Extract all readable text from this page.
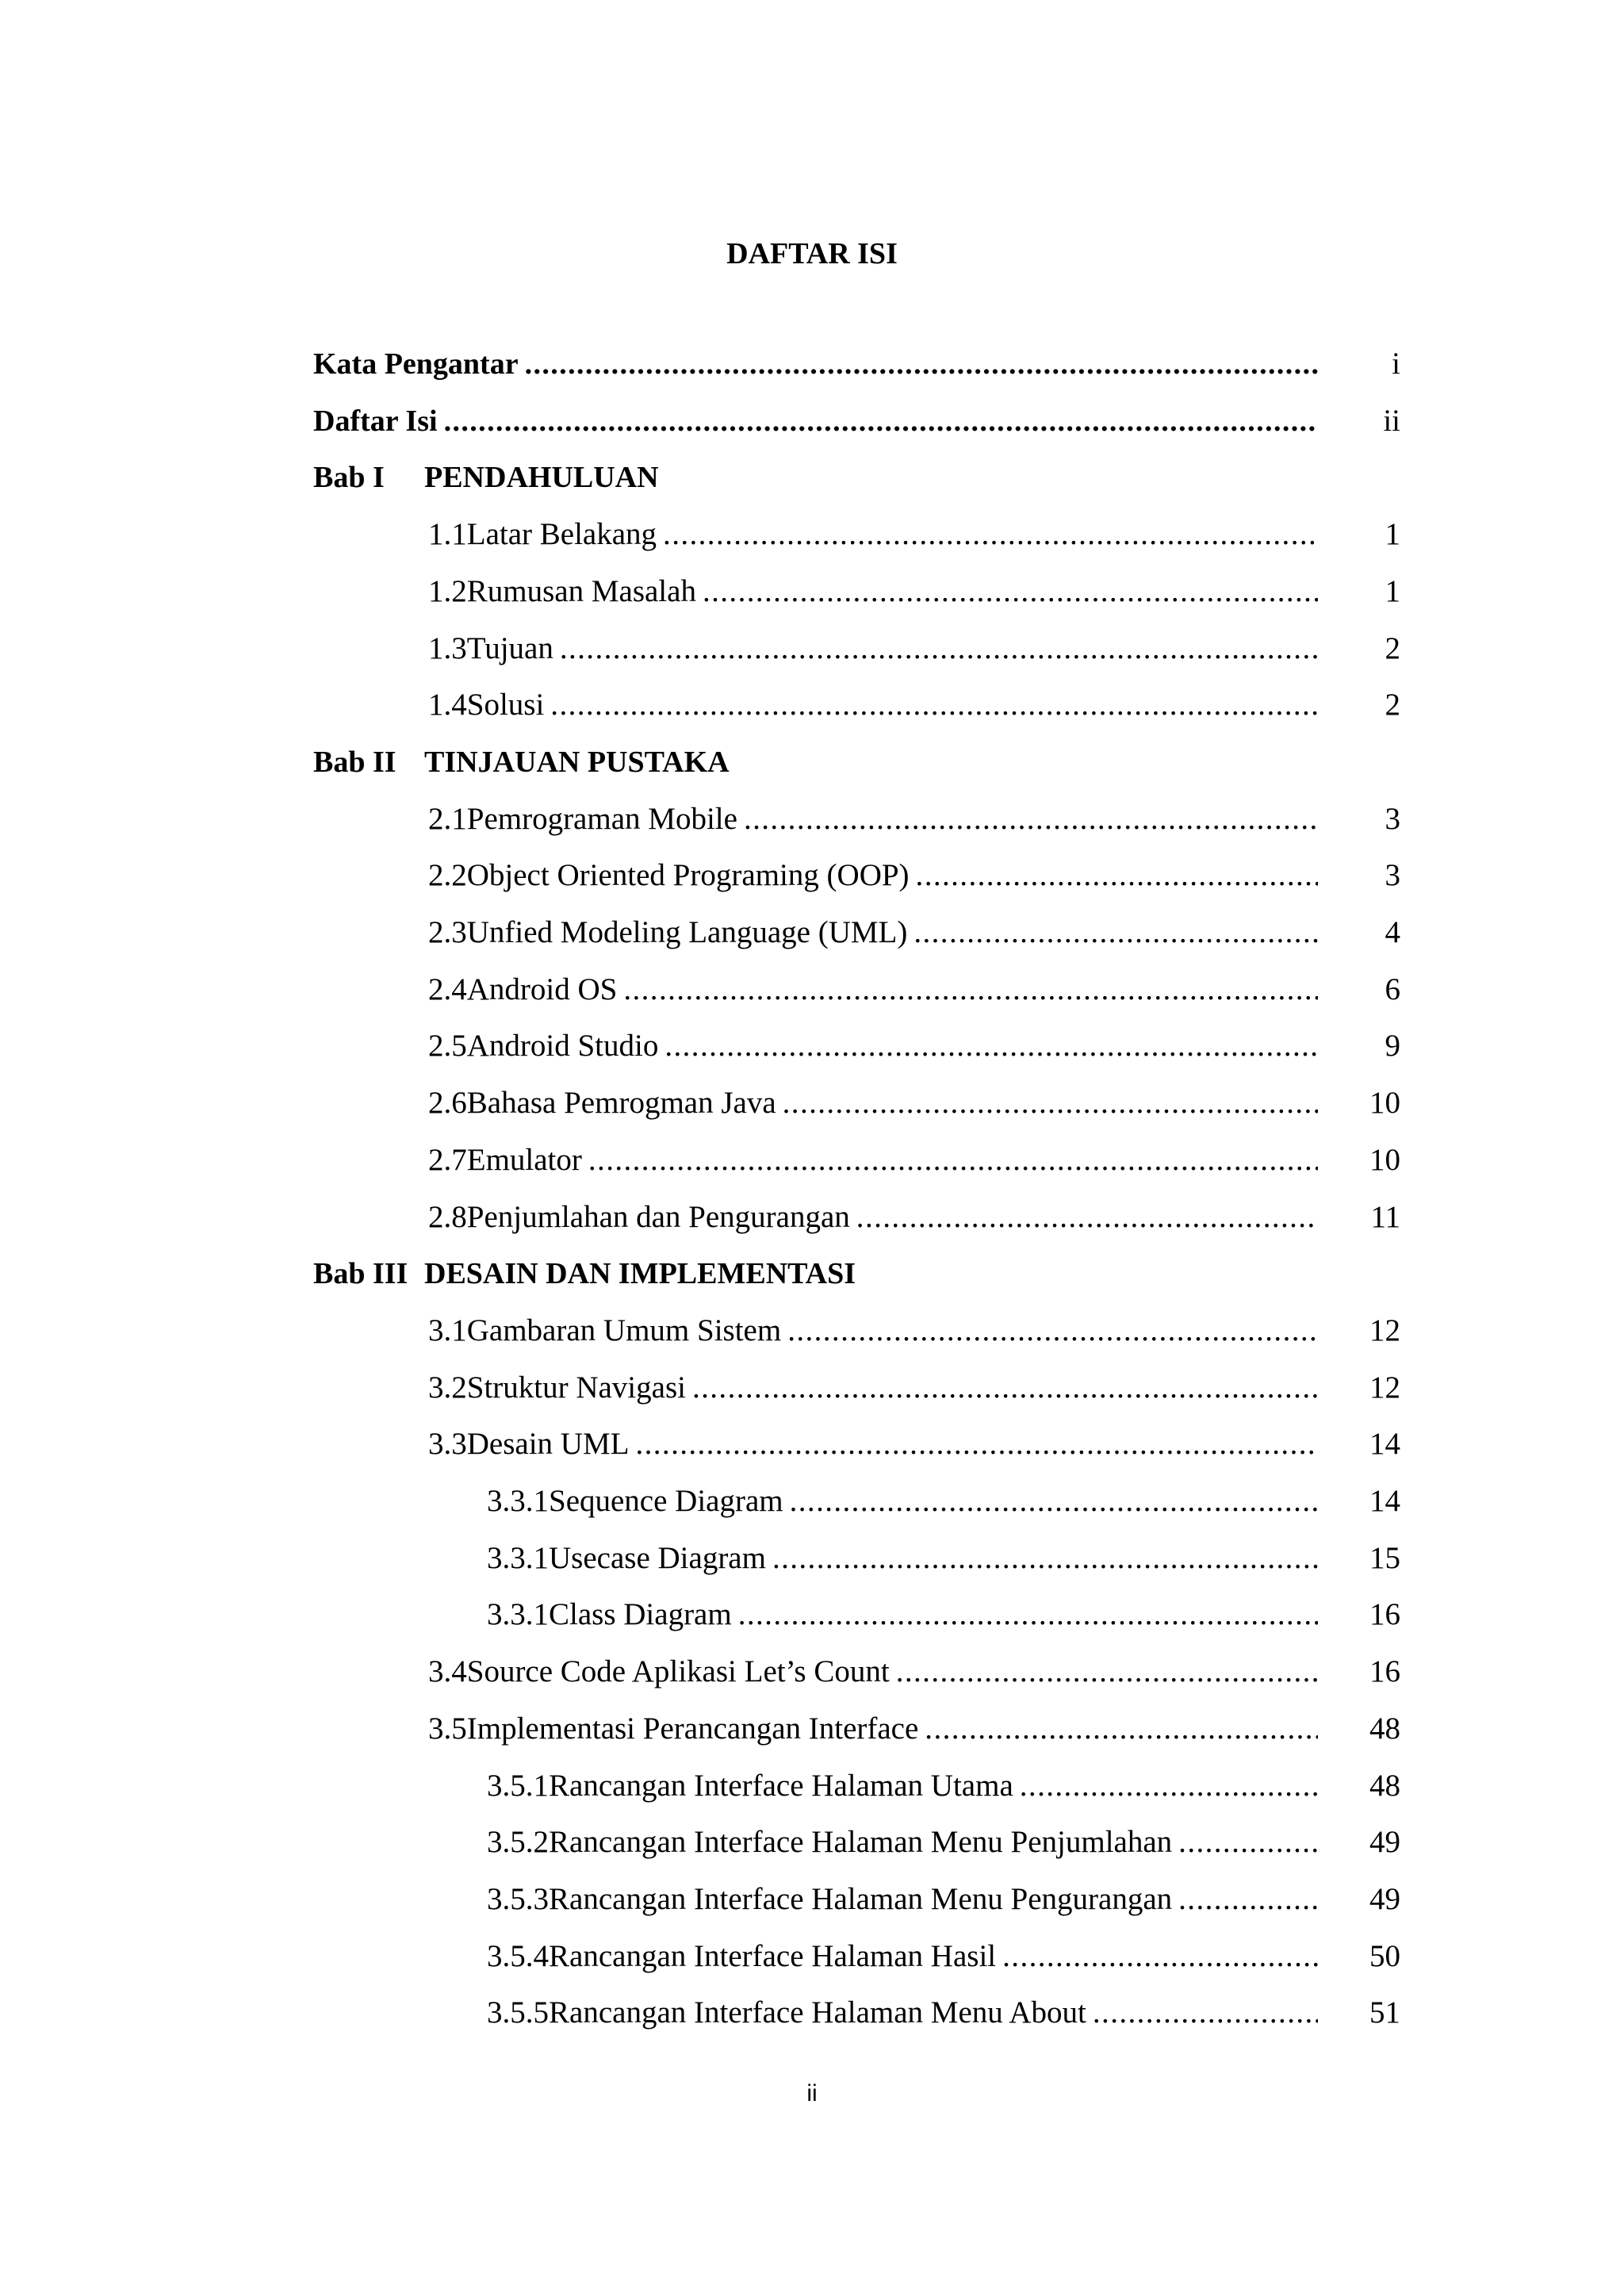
DAFTAR ISI
Kata Pengantar .....	i
Daftar Isi .....	ii
Bab I	PENDAHULUAN
1.1 Latar Belakang .....	1
1.2 Rumusan Masalah .....	1
1.3 Tujuan .....	2
1.4 Solusi .....	2
Bab II TINJAUAN PUSTAKA
2.1 Pemrograman Mobile .....	3
2.2 Object Oriented Programing (OOP) .....	3
2.3 Unfied Modeling Language (UML) .....	4
2.4 Android OS .....	6
2.5 Android Studio .....	9
2.6 Bahasa Pemrogman Java .....	10
2.7 Emulator .....	10
2.8 Penjumlahan dan Pengurangan .....	11
Bab III DESAIN DAN IMPLEMENTASI
3.1 Gambaran Umum Sistem .....	12
3.2 Struktur Navigasi .....	12
3.3 Desain UML .....	14
3.3.1 Sequence Diagram .....	14
3.3.1 Usecase Diagram .....	15
3.3.1 Class Diagram .....	16
3.4 Source Code Aplikasi Let’s Count .....	16
3.5 Implementasi Perancangan Interface .....	48
3.5.1 Rancangan Interface Halaman Utama .....	48
3.5.2 Rancangan Interface Halaman Menu Penjumlahan .....	49
3.5.3 Rancangan Interface Halaman Menu Pengurangan .....	49
3.5.4 Rancangan Interface Halaman Hasil .....	50
3.5.5 Rancangan Interface Halaman Menu About .....	51
ii
